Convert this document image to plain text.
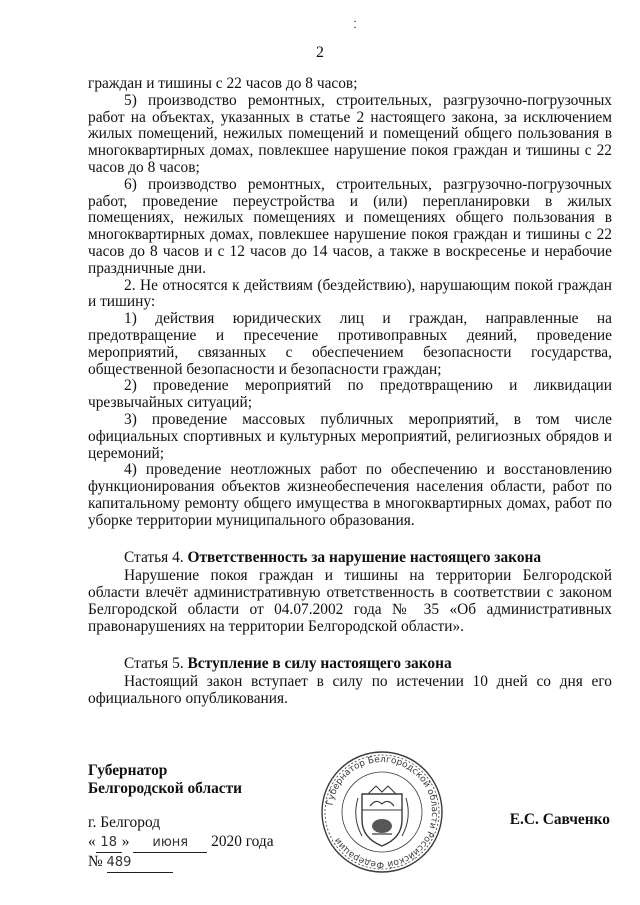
·
·
2

граждан и тишины с 22 часов до 8 часов;

5) производство ремонтных, строительных, разгрузочно-погрузочных работ на объектах, указанных в статье 2 настоящего закона, за исключением жилых помещений, нежилых помещений и помещений общего пользования в многоквартирных домах, повлекшее нарушение покоя граждан и тишины с 22 часов до 8 часов;

6) производство ремонтных, строительных, разгрузочно-погрузочных работ, проведение переустройства и (или) перепланировки в жилых помещениях, нежилых помещениях и помещениях общего пользования в многоквартирных домах, повлекшее нарушение покоя граждан и тишины с 22 часов до 8 часов и с 12 часов до 14 часов, а также в воскресенье и нерабочие праздничные дни.

2. Не относятся к действиям (бездействию), нарушающим покой граждан и тишину:

1) действия юридических лиц и граждан, направленные на предотвращение и пресечение противоправных деяний, проведение мероприятий, связанных с обеспечением безопасности государства, общественной безопасности и безопасности граждан;

2) проведение мероприятий по предотвращению и ликвидации чрезвычайных ситуаций;

3) проведение массовых публичных мероприятий, в том числе официальных спортивных и культурных мероприятий, религиозных обрядов и церемоний;

4) проведение неотложных работ по обеспечению и восстановлению функционирования объектов жизнеобеспечения населения области, работ по капитальному ремонту общего имущества в многоквартирных домах, работ по уборке территории муниципального образования.

Статья 4. Ответственность за нарушение настоящего закона

Нарушение покоя граждан и тишины на территории Белгородской области влечёт административную ответственность в соответствии с законом Белгородской области от 04.07.2002 года № 35 «Об административных правонарушениях на территории Белгородской области».

Статья 5. Вступление в силу настоящего закона

Настоящий закон вступает в силу по истечении 10 дней со дня его официального опубликования.

Губернатор
Белгородской области
Е.С. Савченко
г. Белгород
« 18 » июня 2020 года
№ 489
Губернатор Белгородской области Российской Федерации
